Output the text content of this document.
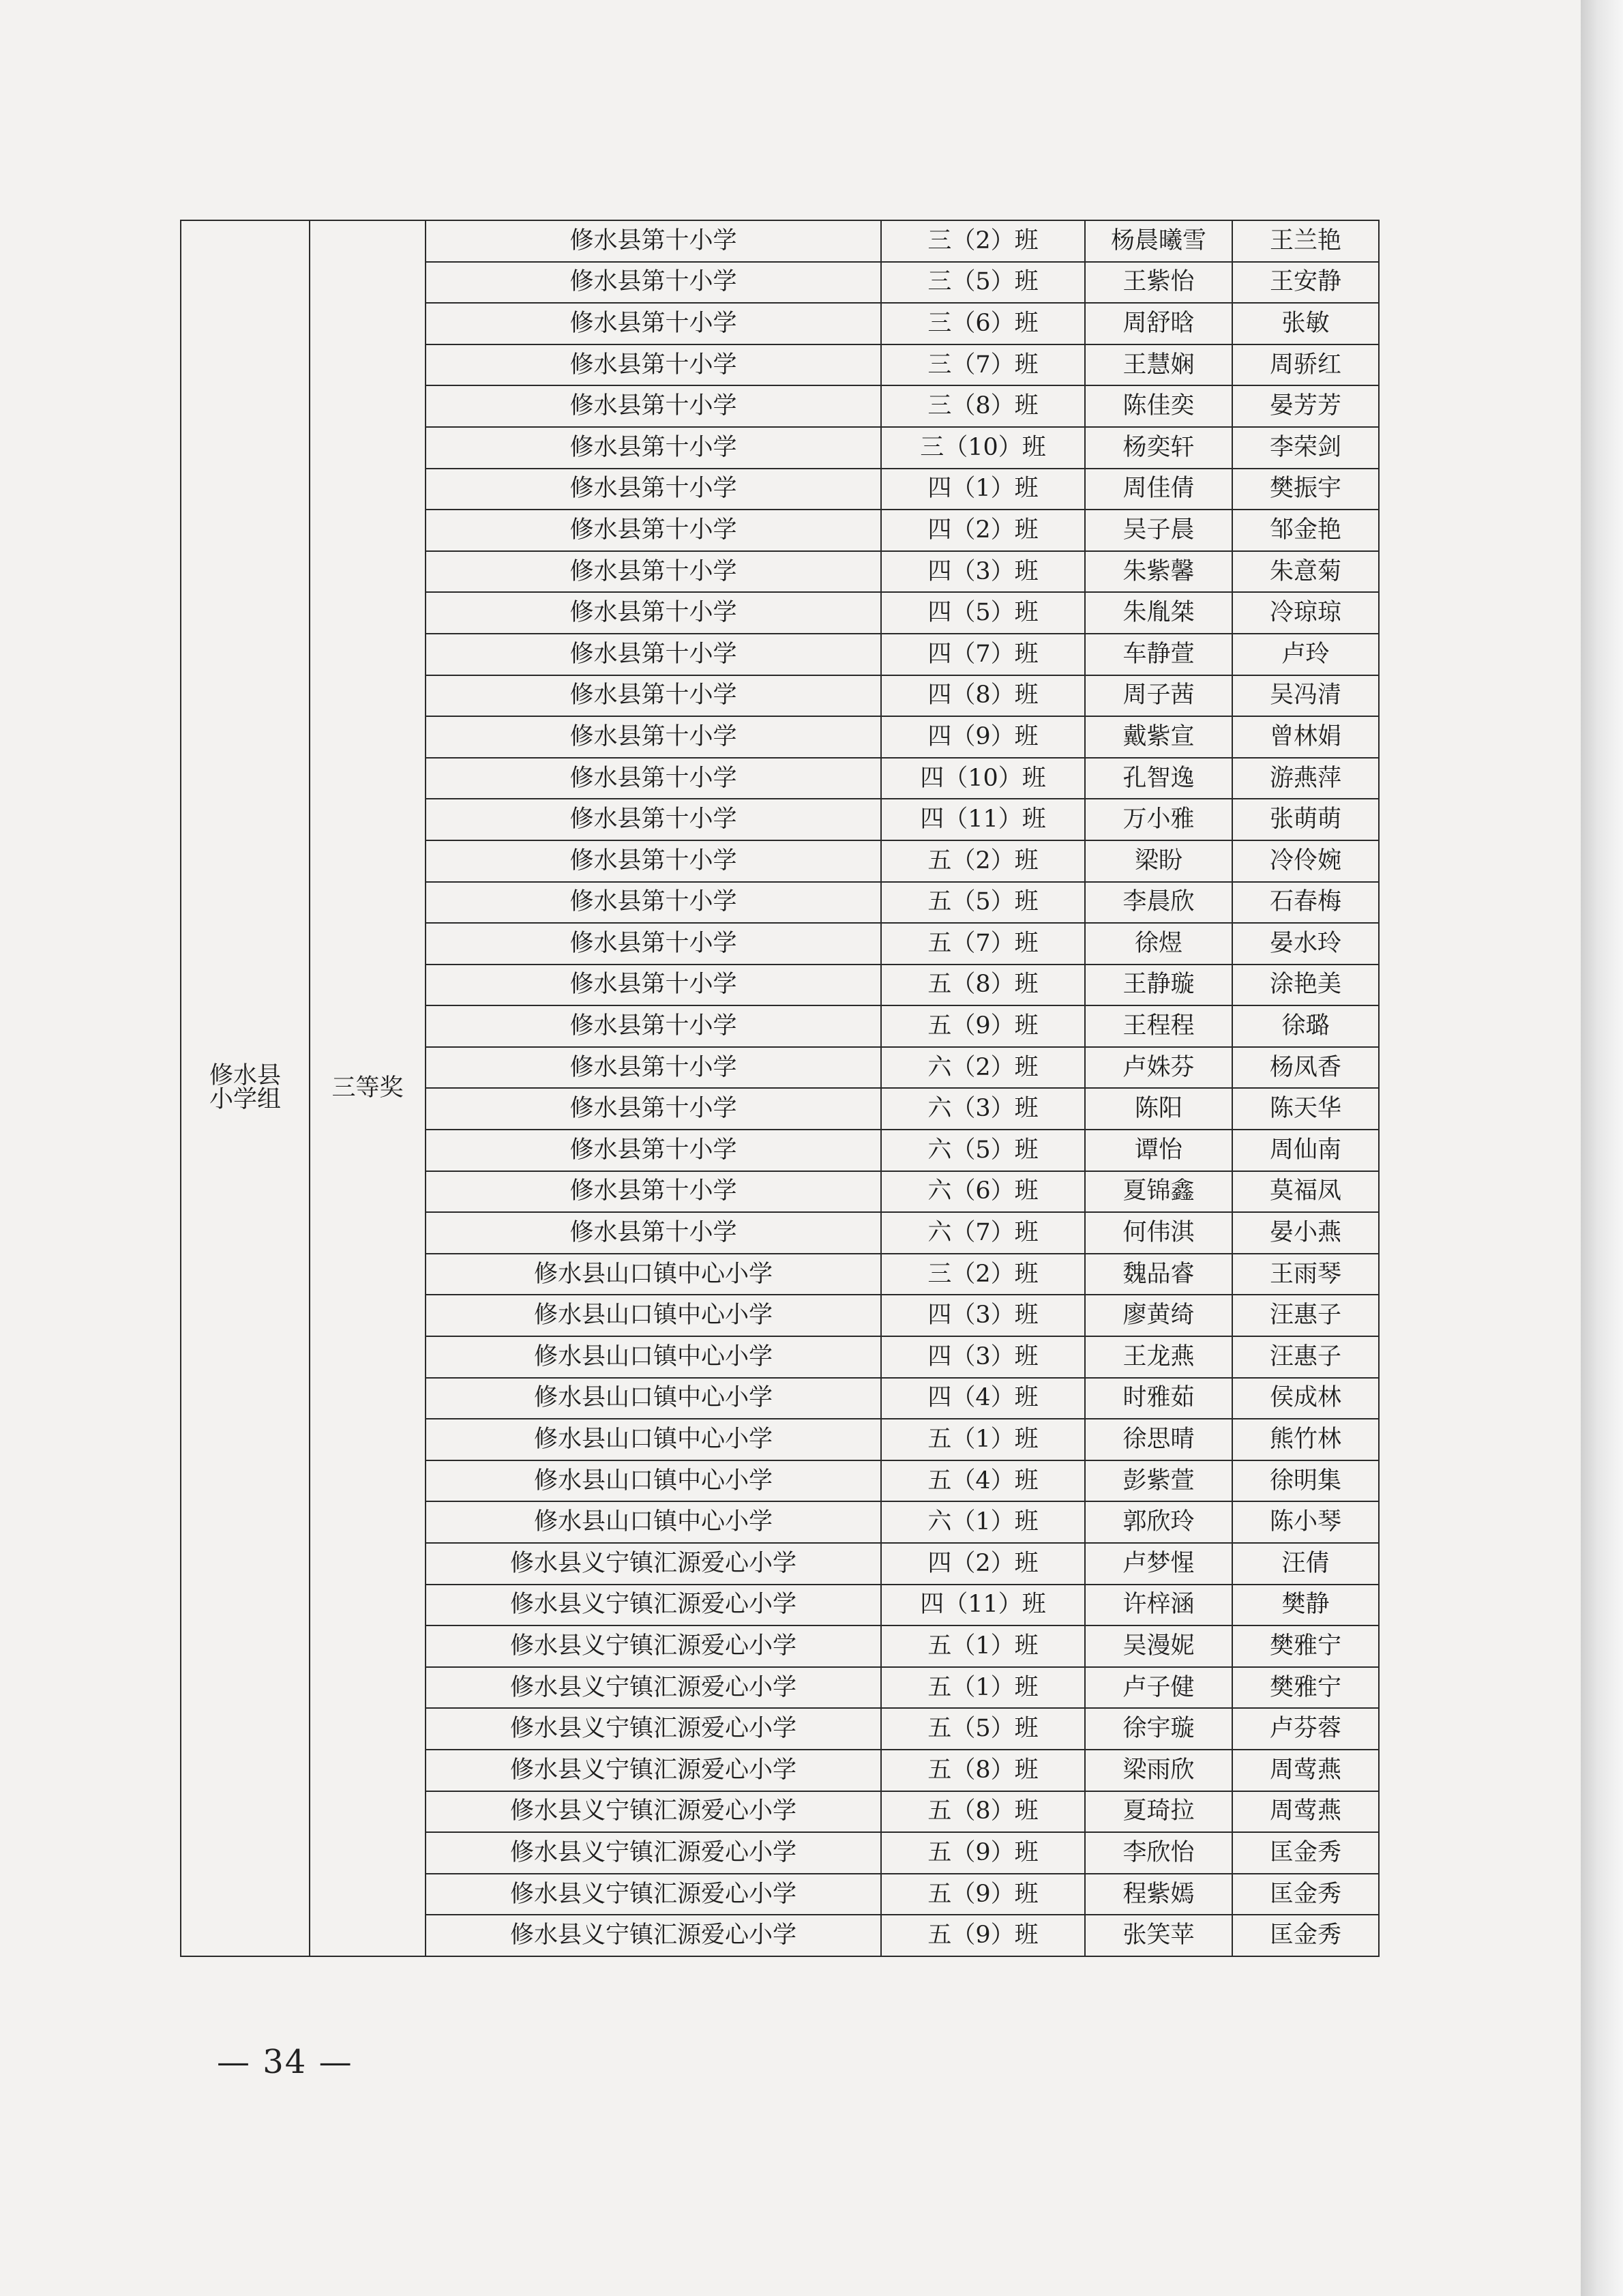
修水县小学组	三等奖	修水县第十小学	三（2）班	杨晨曦雪	王兰艳
		修水县第十小学	三（5）班	王紫怡	王安静
		修水县第十小学	三（6）班	周舒晗	张敏
		修水县第十小学	三（7）班	王慧娴	周骄红
		修水县第十小学	三（8）班	陈佳奕	晏芳芳
		修水县第十小学	三（10）班	杨奕轩	李荣剑
		修水县第十小学	四（1）班	周佳倩	樊振宇
		修水县第十小学	四（2）班	吴子晨	邹金艳
		修水县第十小学	四（3）班	朱紫馨	朱意菊
		修水县第十小学	四（5）班	朱胤桀	冷琼琼
		修水县第十小学	四（7）班	车静萱	卢玲
		修水县第十小学	四（8）班	周子茜	吴冯清
		修水县第十小学	四（9）班	戴紫宣	曾林娟
		修水县第十小学	四（10）班	孔智逸	游燕萍
		修水县第十小学	四（11）班	万小雅	张萌萌
		修水县第十小学	五（2）班	梁盼	冷伶婉
		修水县第十小学	五（5）班	李晨欣	石春梅
		修水县第十小学	五（7）班	徐煜	晏水玲
		修水县第十小学	五（8）班	王静璇	涂艳美
		修水县第十小学	五（9）班	王程程	徐璐
		修水县第十小学	六（2）班	卢姝芬	杨凤香
		修水县第十小学	六（3）班	陈阳	陈天华
		修水县第十小学	六（5）班	谭怡	周仙南
		修水县第十小学	六（6）班	夏锦鑫	莫福凤
		修水县第十小学	六（7）班	何伟淇	晏小燕
		修水县山口镇中心小学	三（2）班	魏品睿	王雨琴
		修水县山口镇中心小学	四（3）班	廖黄绮	汪惠子
		修水县山口镇中心小学	四（3）班	王龙燕	汪惠子
		修水县山口镇中心小学	四（4）班	时雅茹	侯成林
		修水县山口镇中心小学	五（1）班	徐思晴	熊竹林
		修水县山口镇中心小学	五（4）班	彭紫萱	徐明集
		修水县山口镇中心小学	六（1）班	郭欣玲	陈小琴
		修水县义宁镇汇源爱心小学	四（2）班	卢梦惺	汪倩
		修水县义宁镇汇源爱心小学	四（11）班	许梓涵	樊静
		修水县义宁镇汇源爱心小学	五（1）班	吴漫妮	樊雅宁
		修水县义宁镇汇源爱心小学	五（1）班	卢子健	樊雅宁
		修水县义宁镇汇源爱心小学	五（5）班	徐宇璇	卢芬蓉
		修水县义宁镇汇源爱心小学	五（8）班	梁雨欣	周莺燕
		修水县义宁镇汇源爱心小学	五（8）班	夏琦拉	周莺燕
		修水县义宁镇汇源爱心小学	五（9）班	李欣怡	匡金秀
		修水县义宁镇汇源爱心小学	五（9）班	程紫嫣	匡金秀
		修水县义宁镇汇源爱心小学	五（9）班	张笑苹	匡金秀
— 34 —
